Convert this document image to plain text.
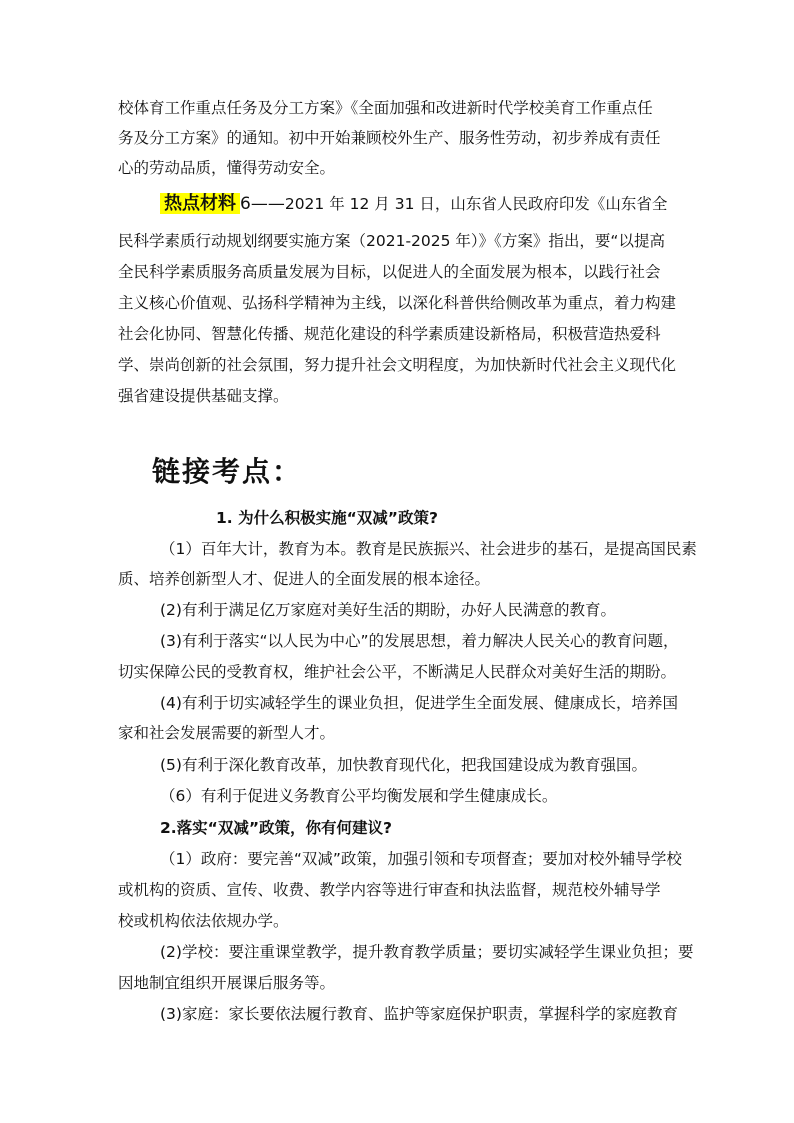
校体育工作重点任务及分工方案》《全面加强和改进新时代学校美育工作重点任
务及分工方案》的通知。初中开始兼顾校外生产、服务性劳动，初步养成有责任
心的劳动品质，懂得劳动安全。
热点材料 6——2021 年 12 月 31 日，山东省人民政府印发《山东省全
民科学素质行动规划纲要实施方案（2021-2025 年）》《方案》指出，要“以提高
全民科学素质服务高质量发展为目标，以促进人的全面发展为根本，以践行社会
主义核心价值观、弘扬科学精神为主线，以深化科普供给侧改革为重点，着力构建
社会化协同、智慧化传播、规范化建设的科学素质建设新格局，积极营造热爱科
学、崇尚创新的社会氛围，努力提升社会文明程度，为加快新时代社会主义现代化
强省建设提供基础支撑。
链接考点：
1. 为什么积极实施“双减”政策?
（1）百年大计，教育为本。教育是民族振兴、社会进步的基石，是提高国民素
质、培养创新型人才、促进人的全面发展的根本途径。
(2)有利于满足亿万家庭对美好生活的期盼，办好人民满意的教育。
(3)有利于落实“以人民为中心”的发展思想，着力解决人民关心的教育问题，
切实保障公民的受教育权，维护社会公平，不断满足人民群众对美好生活的期盼。
(4)有利于切实减轻学生的课业负担，促进学生全面发展、健康成长，培养国
家和社会发展需要的新型人才。
(5)有利于深化教育改革，加快教育现代化，把我国建设成为教育强国。
（6）有利于促进义务教育公平均衡发展和学生健康成长。
2.落实“双减”政策，你有何建议?
（1）政府：要完善“双减”政策，加强引领和专项督查；要加对校外辅导学校
或机构的资质、宣传、收费、教学内容等进行审查和执法监督，规范校外辅导学
校或机构依法依规办学。
(2)学校：要注重课堂教学，提升教育教学质量；要切实减轻学生课业负担；要
因地制宜组织开展课后服务等。
(3)家庭：家长要依法履行教育、监护等家庭保护职责，掌握科学的家庭教育
